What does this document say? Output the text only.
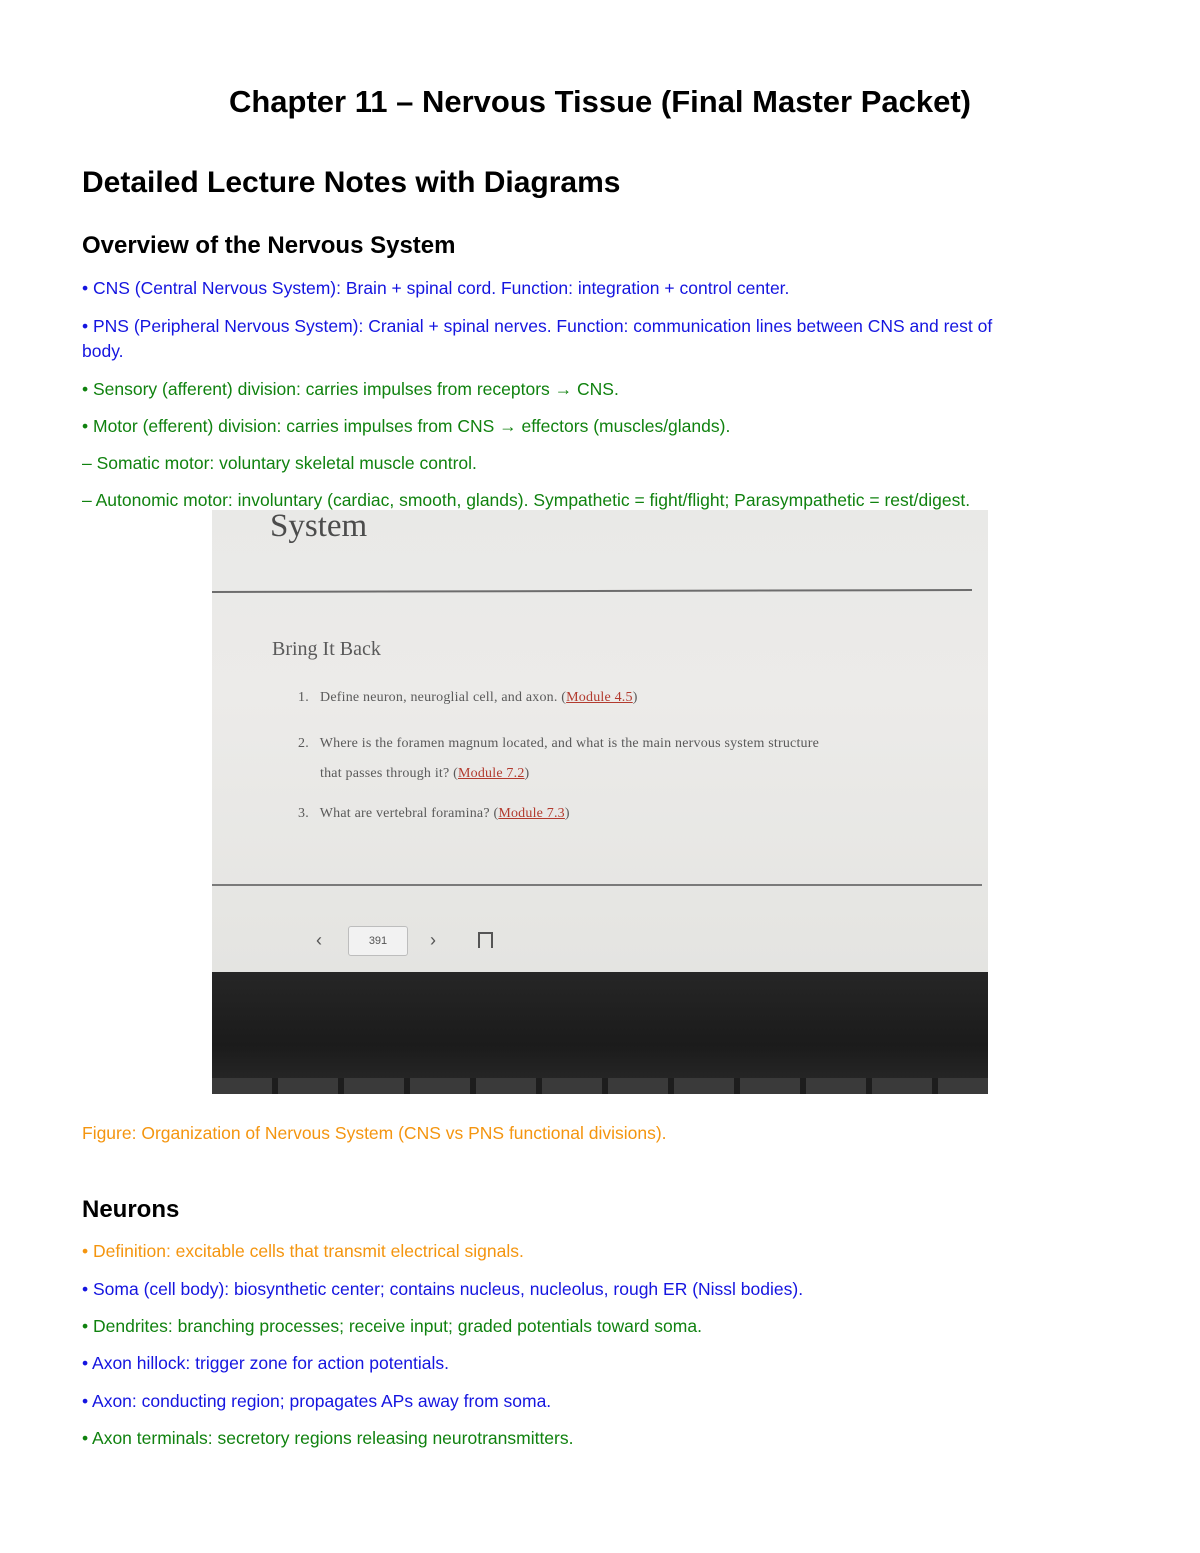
Chapter 11 – Nervous Tissue (Final Master Packet)
Detailed Lecture Notes with Diagrams
Overview of the Nervous System

• CNS (Central Nervous System): Brain + spinal cord. Function: integration + control center.

• PNS (Peripheral Nervous System): Cranial + spinal nerves. Function: communication lines between CNS and rest of

body.

• Sensory (afferent) division: carries impulses from receptors → CNS.

• Motor (efferent) division: carries impulses from CNS → effectors (muscles/glands).

– Somatic motor: voluntary skeletal muscle control.

– Autonomic motor: involuntary (cardiac, smooth, glands). Sympathetic = fight/flight; Parasympathetic = rest/digest.

System
Bring It Back
1. Define neuron, neuroglial cell, and axon. (Module 4.5)
2. Where is the foramen magnum located, and what is the main nervous system structure
that passes through it? (Module 7.2)
3. What are vertebral foramina? (Module 7.3)
‹	391	›

Figure: Organization of Nervous System (CNS vs PNS functional divisions).

Neurons

• Definition: excitable cells that transmit electrical signals.

• Soma (cell body): biosynthetic center; contains nucleus, nucleolus, rough ER (Nissl bodies).

• Dendrites: branching processes; receive input; graded potentials toward soma.

• Axon hillock: trigger zone for action potentials.

• Axon: conducting region; propagates APs away from soma.

• Axon terminals: secretory regions releasing neurotransmitters.
